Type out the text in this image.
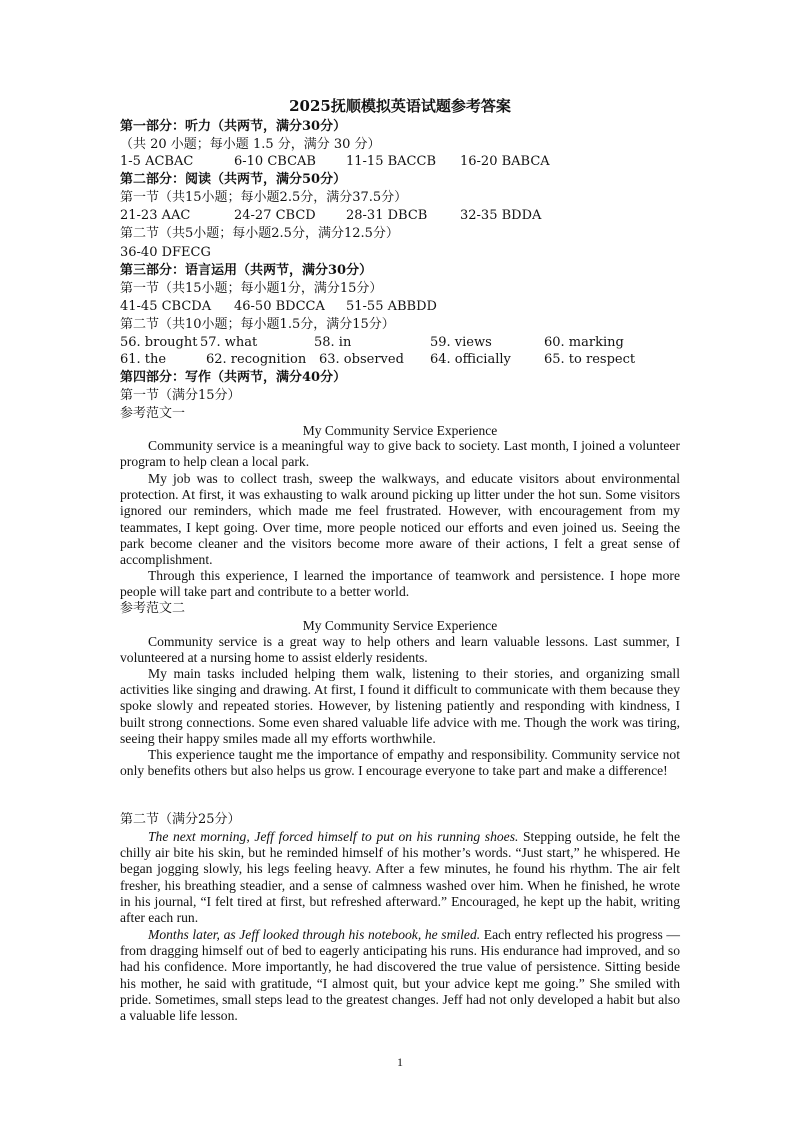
2025抚顺模拟英语试题参考答案
第一部分：听力（共两节，满分30分）
（共 20 小题；每小题 1.5 分，满分 30 分）
1-5 ACBAC	6-10 CBCAB 11-15 BACCB 16-20 BABCA
第二部分：阅读（共两节，满分50分）
第一节（共15小题；每小题2.5分，满分37.5分）
21-23 AAC	24-27 CBCD 28-31 DBCB	32-35 BDDA
第二节（共5小题；每小题2.5分，满分12.5分）
36-40 DFECG
第三部分：语言运用（共两节，满分30分）
第一节（共15小题；每小题1分，满分15分）
41-45 CBCDA 46-50 BDCCA 51-55 ABBDD
第二节（共10小题；每小题1.5分，满分15分）
56. brought 57. what	58. in	59. views	60. marking
61. the	62. recognition 63. observed 64. officially	65. to respect
第四部分：写作（共两节，满分40分）
第一节（满分15分）
参考范文一
My Community Service Experience

Community service is a meaningful way to give back to society. Last month, I joined a volunteer program to help clean a local park.

My job was to collect trash, sweep the walkways, and educate visitors about environmental protection. At first, it was exhausting to walk around picking up litter under the hot sun. Some visitors ignored our reminders, which made me feel frustrated. However, with encouragement from my teammates, I kept going. Over time, more people noticed our efforts and even joined us. Seeing the park become cleaner and the visitors become more aware of their actions, I felt a great sense of accomplishment.

Through this experience, I learned the importance of teamwork and persistence. I hope more people will take part and contribute to a better world.

参考范文二
My Community Service Experience

Community service is a great way to help others and learn valuable lessons. Last summer, I volunteered at a nursing home to assist elderly residents.

My main tasks included helping them walk, listening to their stories, and organizing small activities like singing and drawing. At first, I found it difficult to communicate with them because they spoke slowly and repeated stories. However, by listening patiently and responding with kindness, I built strong connections. Some even shared valuable life advice with me. Though the work was tiring, seeing their happy smiles made all my efforts worthwhile.

This experience taught me the importance of empathy and responsibility. Community service not only benefits others but also helps us grow. I encourage everyone to take part and make a difference!

第二节（满分25分）

The next morning, Jeff forced himself to put on his running shoes. Stepping outside, he felt the chilly air bite his skin, but he reminded himself of his mother’s words. “Just start,” he whispered. He began jogging slowly, his legs feeling heavy. After a few minutes, he found his rhythm. The air felt fresher, his breathing steadier, and a sense of calmness washed over him. When he finished, he wrote in his journal, “I felt tired at first, but refreshed afterward.” Encouraged, he kept up the habit, writing after each run.

Months later, as Jeff looked through his notebook, he smiled. Each entry reflected his progress — from dragging himself out of bed to eagerly anticipating his runs. His endurance had improved, and so had his confidence. More importantly, he had discovered the true value of persistence. Sitting beside his mother, he said with gratitude, “I almost quit, but your advice kept me going.” She smiled with pride. Sometimes, small steps lead to the greatest changes. Jeff had not only developed a habit but also a valuable life lesson.

1
